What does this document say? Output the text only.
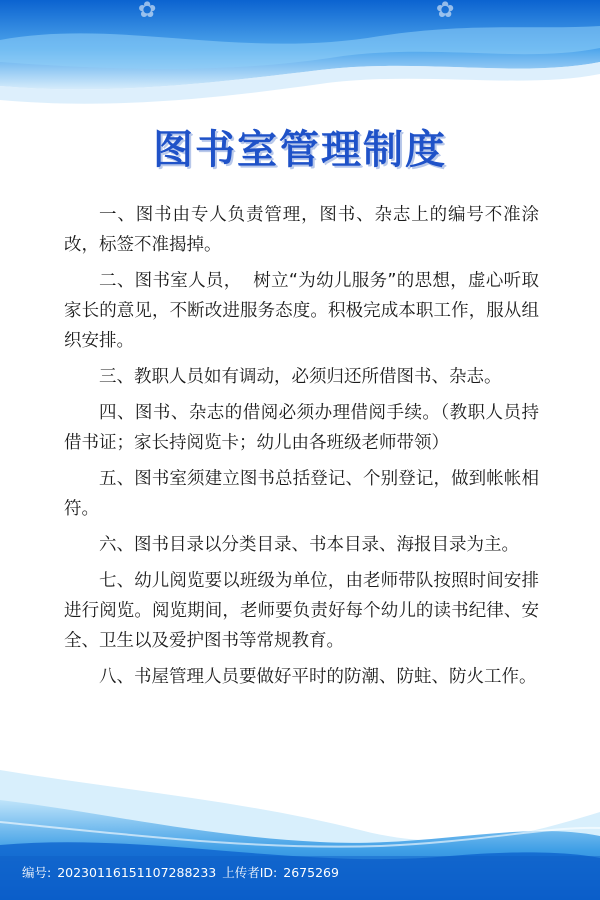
✿	✿
图书室管理制度

一、图书由专人负责管理，图书、杂志上的编号不准涂改，标签不准揭掉。

二、图书室人员，  树立“为幼儿服务”的思想，虚心听取家长的意见，不断改进服务态度。积极完成本职工作，服从组织安排。

三、教职人员如有调动，必须归还所借图书、杂志。

四、图书、杂志的借阅必须办理借阅手续。（教职人员持借书证；家长持阅览卡；幼儿由各班级老师带领）

五、图书室须建立图书总括登记、个别登记，做到帐帐相符。

六、图书目录以分类目录、书本目录、海报目录为主。

七、幼儿阅览要以班级为单位，由老师带队按照时间安排进行阅览。阅览期间，老师要负责好每个幼儿的读书纪律、安全、卫生以及爱护图书等常规教育。

八、书屋管理人员要做好平时的防潮、防蛀、防火工作。

编号: 20230116151107288233 上传者ID: 2675269
